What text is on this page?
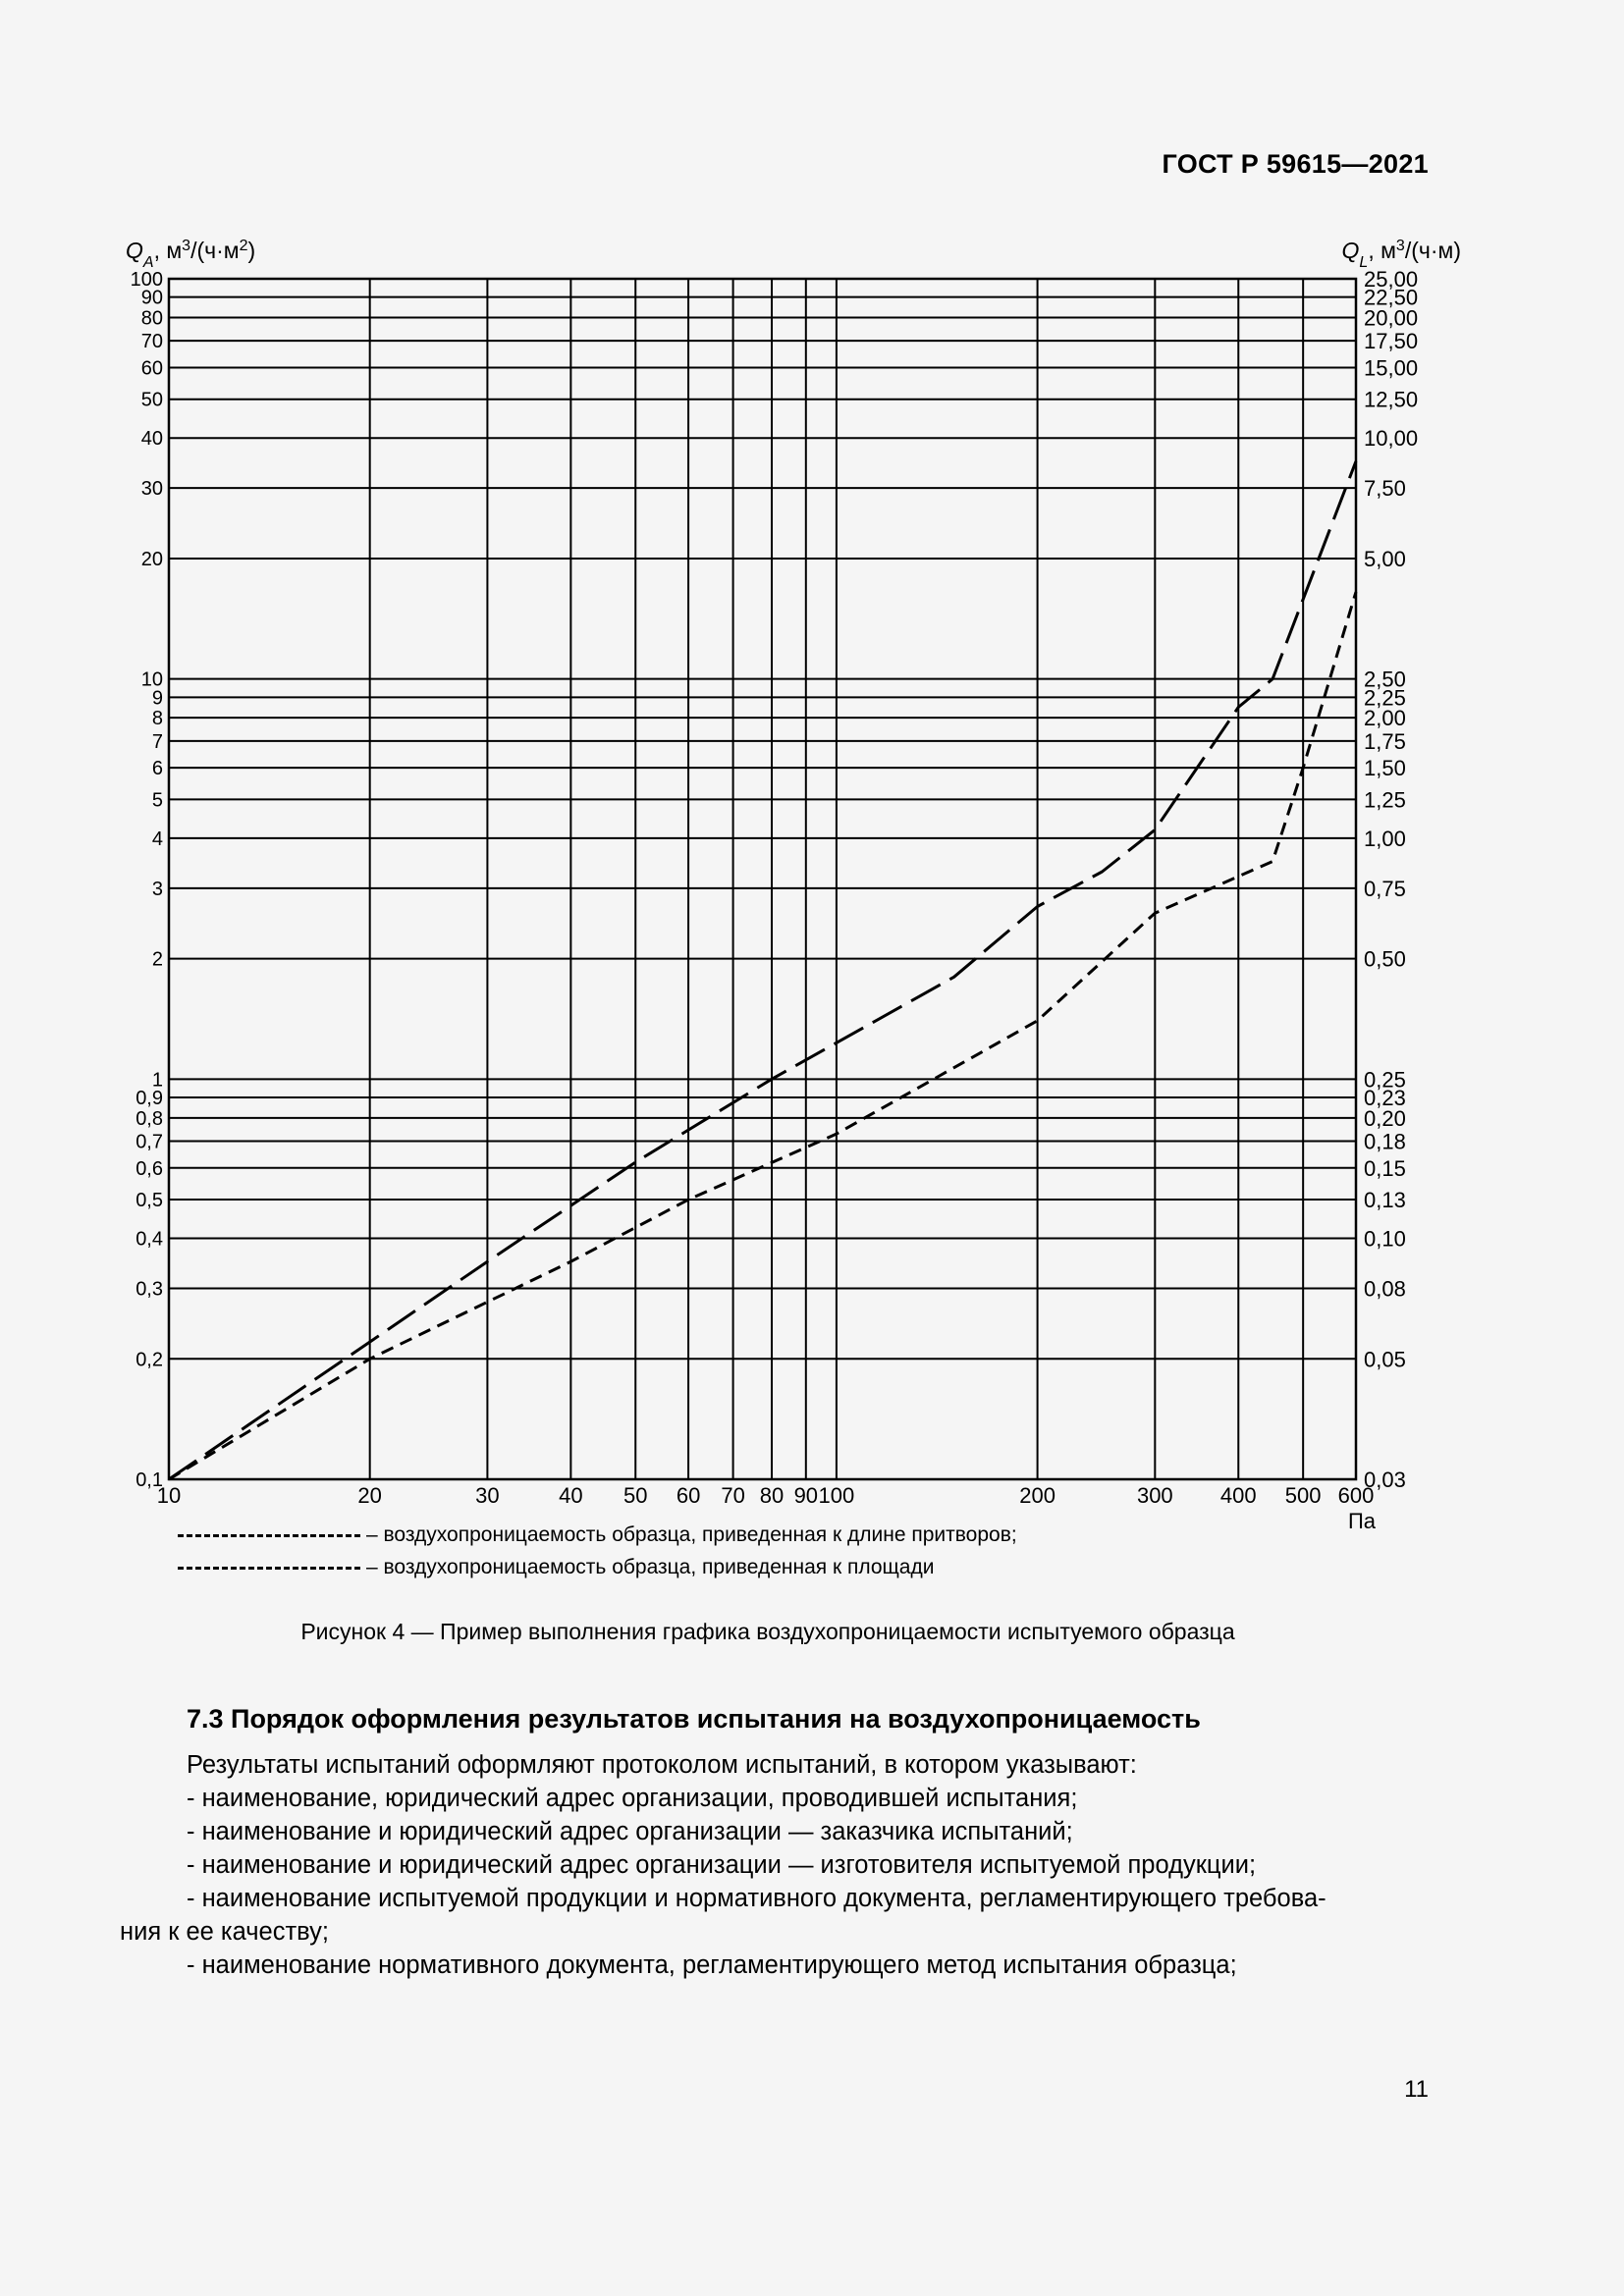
ГОСТ Р 59615—2021
10	20	30	40 50 60 70 80 90 100	200	300 400 500 600
0,1	0,03
0,2	0,05
0,3	0,08
0,4	0,10
0,5	0,13
0,6	0,15
0,7	0,18
0,8	0,20
0,9	0,23
1	0,25
2	0,50
3	0,75
4	1,00
5	1,25
6	1,50
7	1,75
8	2,00
9	2,25
10	2,50
20	5,00
30	7,50
40	10,00
50	12,50
60	15,00
70	17,50
80	20,00
90	22,50
100	25,00
Па
$Q_A$, $м^3/(ч\cdot м^2)$	$Q_L$, $м^3/(ч\cdot м)$
– воздухопроницаемость образца, приведенная к длине притворов;
– воздухопроницаемость образца, приведенная к площади
Рисунок 4 — Пример выполнения графика воздухопроницаемости испытуемого образца
7.3 Порядок оформления результатов испытания на воздухопроницаемость
Результаты испытаний оформляют протоколом испытаний, в котором указывают:
- наименование, юридический адрес организации, проводившей испытания;
- наименование и юридический адрес организации — заказчика испытаний;
- наименование и юридический адрес организации — изготовителя испытуемой продукции;
- наименование испытуемой продукции и нормативного документа, регламентирующего требова-
ния к ее качеству;
- наименование нормативного документа, регламентирующего метод испытания образца;
11
